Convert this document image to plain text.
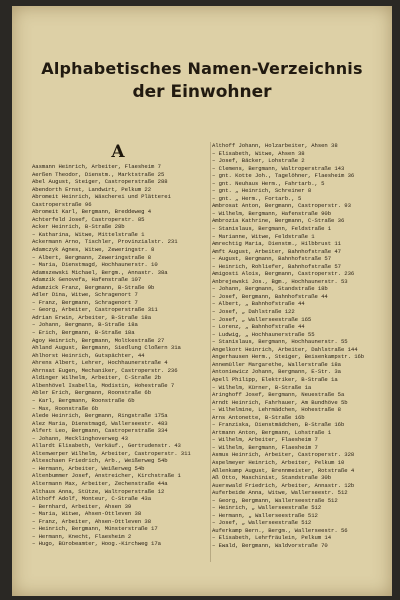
Alphabetisches Namen-Verzeichnis
der Einwohner
A
Aasmann Heinrich, Arbeiter, Flaesheim 7
Aerßen Theodor, Dienstm., Marktstraße 25
Abel August, Steiger, Castroperstraße 288
Abendorth Ernst, Landwirt, Pelkum 22
Abromeit Heinrich, Wäscherei und Plätterei
Castroperstraße 96
Abromeit Karl, Bergmann, Breddeweg 4
Achterfeld Josef, Castroperstr. 85
Acker Heinrich, B-Straße 28b
– Katharina, Witwe, Mittelstraße 1
Ackermann Arno, Tischler, Provinzialstr. 231
Adamczyk Agnes, Witwe, Zeweringstr. 8
– Albert, Bergmann, Zeweringstraße 8
– Maria, Dienstmagd, Hochhaunerstr. 10
Adamszewski Michael, Bergm., Annastr. 38a
Adamzik Genovefa, Hafenstraße 107
Adamzick Franz, Bergmann, B-Straße 9b
Adler Dina, Witwe, Schragenort 7
– Franz, Bergmann, Schragenort 7
– Georg, Arbeiter, Castroperstraße 311
Adrian Erwin, Arbeiter, B-Straße 18a
– Johann, Bergmann, B-Straße 18a
– Erich, Bergmann, B-Straße 18a
Agoy Heinrich, Bergmann, Moltkestraße 27
Ahland August, Bergmann, Siedlung Cloßern 31a
Ahlhorst Heinrich, Gutspächter, 44
Ahrens Albert, Lehrer, Hochhaunerstraße 4
Ahrnsat Eugen, Mechaniker, Castroperstr. 236
Aldinger Wilhelm, Arbeiter, C-Straße 2b
Albenhövel Isabella, Modistin, Hohestraße 7
Abler Erich, Bergmann, Roonstraße 6b
– Karl, Bergmann, Roonstraße 6b
– Max, Roonstraße 6b
Alede Heinrich, Bergmann, Ringstraße 175a
Alez Maria, Dienstmagd, Wallerseestr. 483
Alfert Leo, Bergmann, Castroperstraße 334
– Johann, Mecklinghoverweg 43
Allardt Elisabeth, Verkäuf., Gertrudenstr. 43
Altenwerper Wilhelm, Arbeiter, Castroperstr. 311
Alteschaen Friedrich, Arb., Weißerweg 54b
– Hermann, Arbeiter, Weißerweg 54b
Altenbummer Josef, Anstreicher, Kirchstraße 1
Altermann Max, Arbeiter, Zechenstraße 44a
Althaus Anna, Stütze, Waltroperstraße 12
Althoff Adolf, Monteur, C-Straße 43a
– Bernhard, Arbeiter, Ahsen 39
– Maria, Witwe, Ahsen-Ottleven 38
– Franz, Arbeiter, Ahsen-Ottleven 38
– Heinrich, Bergmann, Münsterstraße 17
– Hermann, Knecht, Flaesheim 2
– Hugo, Bürobeamter, Hoog.-Kirchweg 17a
Althoff Johann, Holzarbeiter, Ahsen 38
– Elisabeth, Witwe, Ahsen 38
– Josef, Bäcker, Lohstraße 2
– Clemens, Bergmann, Waltroperstraße 143
– gnt. Kotte Joh., Tagelöhner, Flaesheim 36
– gnt. Neuhaus Herm., Fahrtarb., 5
– gnt. „ Heinrich, Schreiner 8
– gnt. „ Herm., Fortarb., 5
Ambrosat Anton, Bergmann, Castroperstr. 93
– Wilhelm, Bergmann, Hafenstraße 90b
Ambrozia Kathrine, Bergmann, C-Straße 36
– Stanislaus, Bergmann, Feldstraße 1
– Marianne, Witwe, Feldstraße 1
Amrechtig Maria, Dienstm., Hilbbrust 11
Amft August, Arbeiter, Bahnhofstraße 47
– August, Bergmann, Bahnhofstraße 57
– Heinrich, Rohliefer, Bahnhofstraße 57
Amigosti Alois, Bergmann, Castroperstr. 236
Anbrejewski Jos., Bgm., Hochhaunerstr. 53
– Johann, Bergmann, Standstraße 18b
– Josef, Bergmann, Bahnhofstraße 44
– Albert, „ Bahnhofstraße 44
– Josef, „ Dahlstraße 122
– Josef, „ Wallerseestraße 165
– Lorenz, „ Bahnhofstraße 44
– Ludwig, „ Hochhaunerstraße 55
– Stanislaus, Bergmann, Hochhaunerstr. 55
Angelkort Heinrich, Arbeiter, Dahlstraße 144
Angerhausen Herm., Steiger, Beisenkampstr. 16b
Annemüller Margarethe, Wallerstraße 18a
Antoniewicz Johann, Bergmann, E-Str. 3a
Apell Philipp, Elektriker, B-Straße 1a
– Wilhelm, Kürner, B-Straße 1a
Aringhoff Josef, Bergmann, Neuestraße 5a
Arndt Heinrich, Fahrhauer, Am Bundhöve 5b
– Wilhelmine, Lehrmädchen, Hohestraße 8
Arns Antonette, B-Straße 16b
– Franziska, Dienstmädchen, B-Straße 16b
Artmann Anton, Bergmann, Lohstraße 1
– Wilhelm, Arbeiter, Flaesheim 7
– Wilhelm, Bergmann, Flaesheim 7
Asmus Heinrich, Arbeiter, Castroperstr. 328
Aspelmeyer Heinrich, Arbeiter, Pelkum 10
Aßlenkamp August, Brennmeister, Rotstraße 4
Aß Otto, Maschinist, Standstraße 30b
Auerswald Friedrich, Arbeiter, Annastr. 12b
Auferbeide Anna, Witwe, Wallerseestr. 512
– Georg, Bergmann, Wallerseestraße 512
– Heinrich, „ Wallerseestraße 512
– Hermann, „ Wallerseestraße 512
– Josef, „ Wallerseestraße 512
Auferkamp Bern., Bergm., Wallerseestr. 56
– Elisabeth, Lehrfräulein, Pelkum 14
– Ewald, Bergmann, Waldvorstraße 70
